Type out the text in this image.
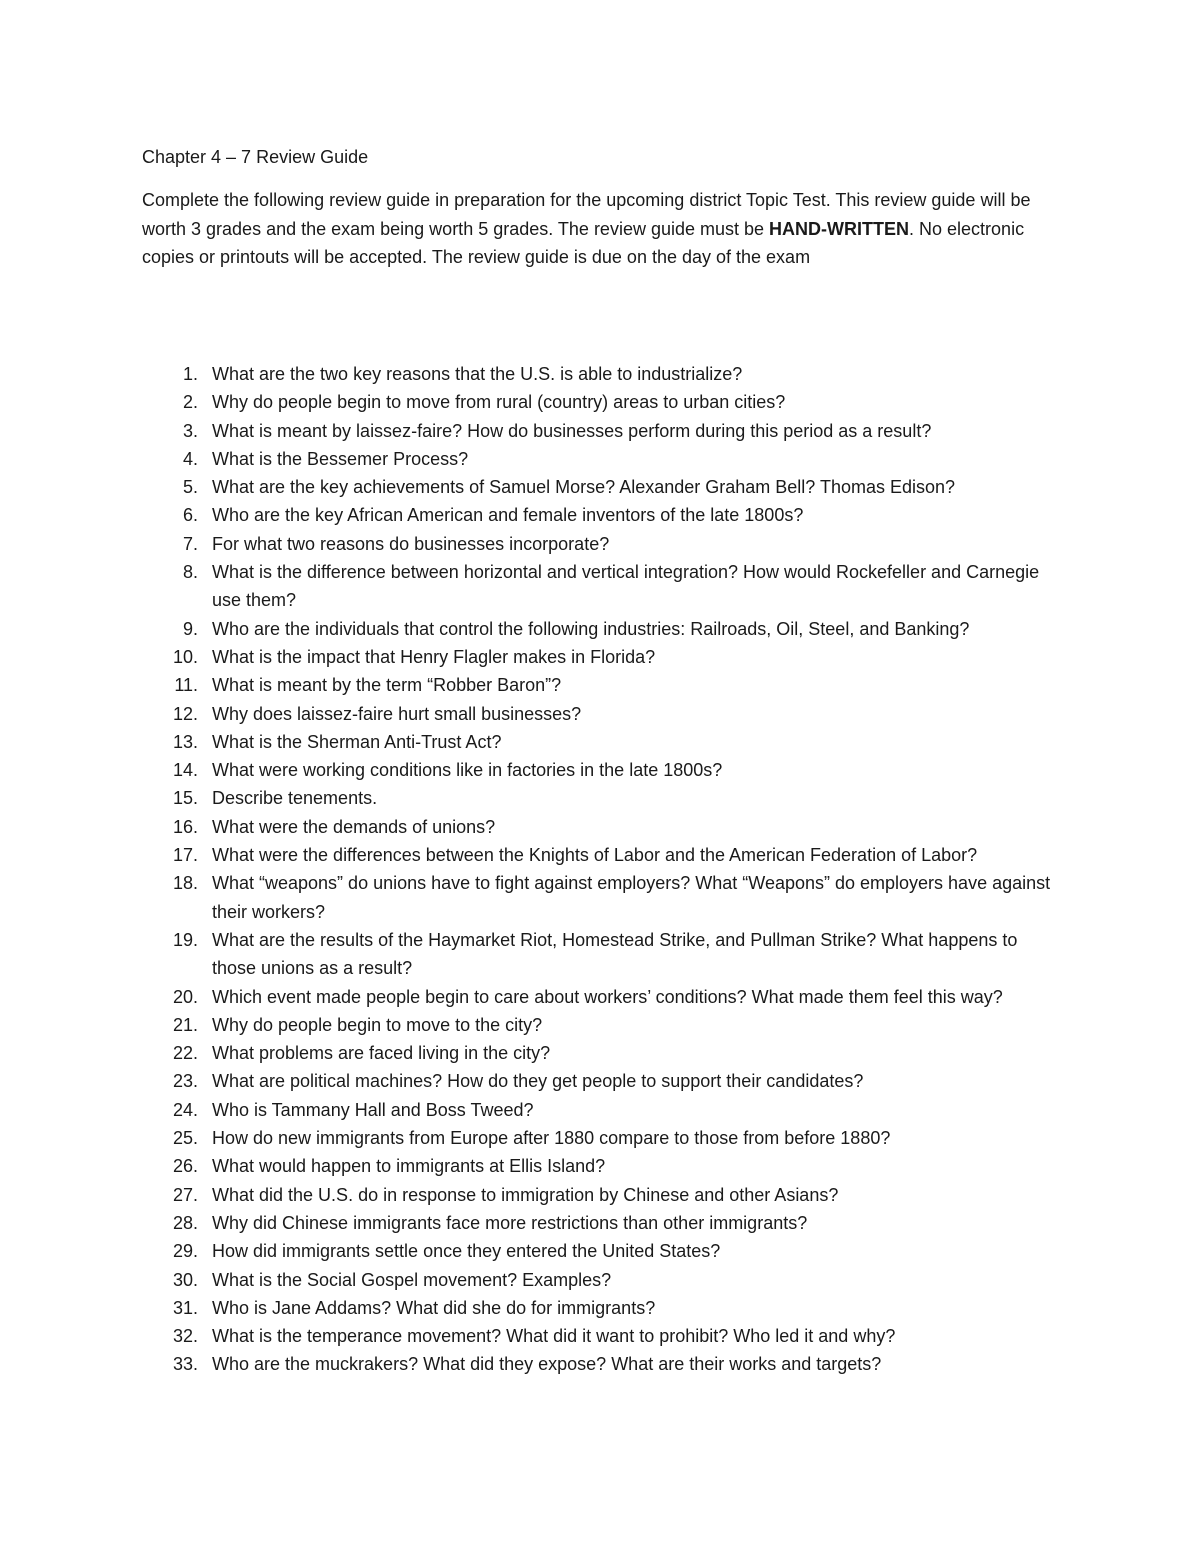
Chapter 4 – 7 Review Guide
Complete the following review guide in preparation for the upcoming district Topic Test. This review guide will be worth 3 grades and the exam being worth 5 grades. The review guide must be HAND-WRITTEN. No electronic copies or printouts will be accepted. The review guide is due on the day of the exam
1. What are the two key reasons that the U.S. is able to industrialize?
2. Why do people begin to move from rural (country) areas to urban cities?
3. What is meant by laissez-faire? How do businesses perform during this period as a result?
4. What is the Bessemer Process?
5. What are the key achievements of Samuel Morse? Alexander Graham Bell? Thomas Edison?
6. Who are the key African American and female inventors of the late 1800s?
7. For what two reasons do businesses incorporate?
8. What is the difference between horizontal and vertical integration? How would Rockefeller and Carnegie use them?
9. Who are the individuals that control the following industries: Railroads, Oil, Steel, and Banking?
10. What is the impact that Henry Flagler makes in Florida?
11. What is meant by the term “Robber Baron”?
12. Why does laissez-faire hurt small businesses?
13. What is the Sherman Anti-Trust Act?
14. What were working conditions like in factories in the late 1800s?
15. Describe tenements.
16. What were the demands of unions?
17. What were the differences between the Knights of Labor and the American Federation of Labor?
18. What “weapons” do unions have to fight against employers? What “Weapons” do employers have against their workers?
19. What are the results of the Haymarket Riot, Homestead Strike, and Pullman Strike? What happens to those unions as a result?
20. Which event made people begin to care about workers’ conditions? What made them feel this way?
21. Why do people begin to move to the city?
22. What problems are faced living in the city?
23. What are political machines? How do they get people to support their candidates?
24. Who is Tammany Hall and Boss Tweed?
25. How do new immigrants from Europe after 1880 compare to those from before 1880?
26. What would happen to immigrants at Ellis Island?
27. What did the U.S. do in response to immigration by Chinese and other Asians?
28. Why did Chinese immigrants face more restrictions than other immigrants?
29. How did immigrants settle once they entered the United States?
30. What is the Social Gospel movement? Examples?
31. Who is Jane Addams? What did she do for immigrants?
32. What is the temperance movement? What did it want to prohibit? Who led it and why?
33. Who are the muckrakers? What did they expose? What are their works and targets?
